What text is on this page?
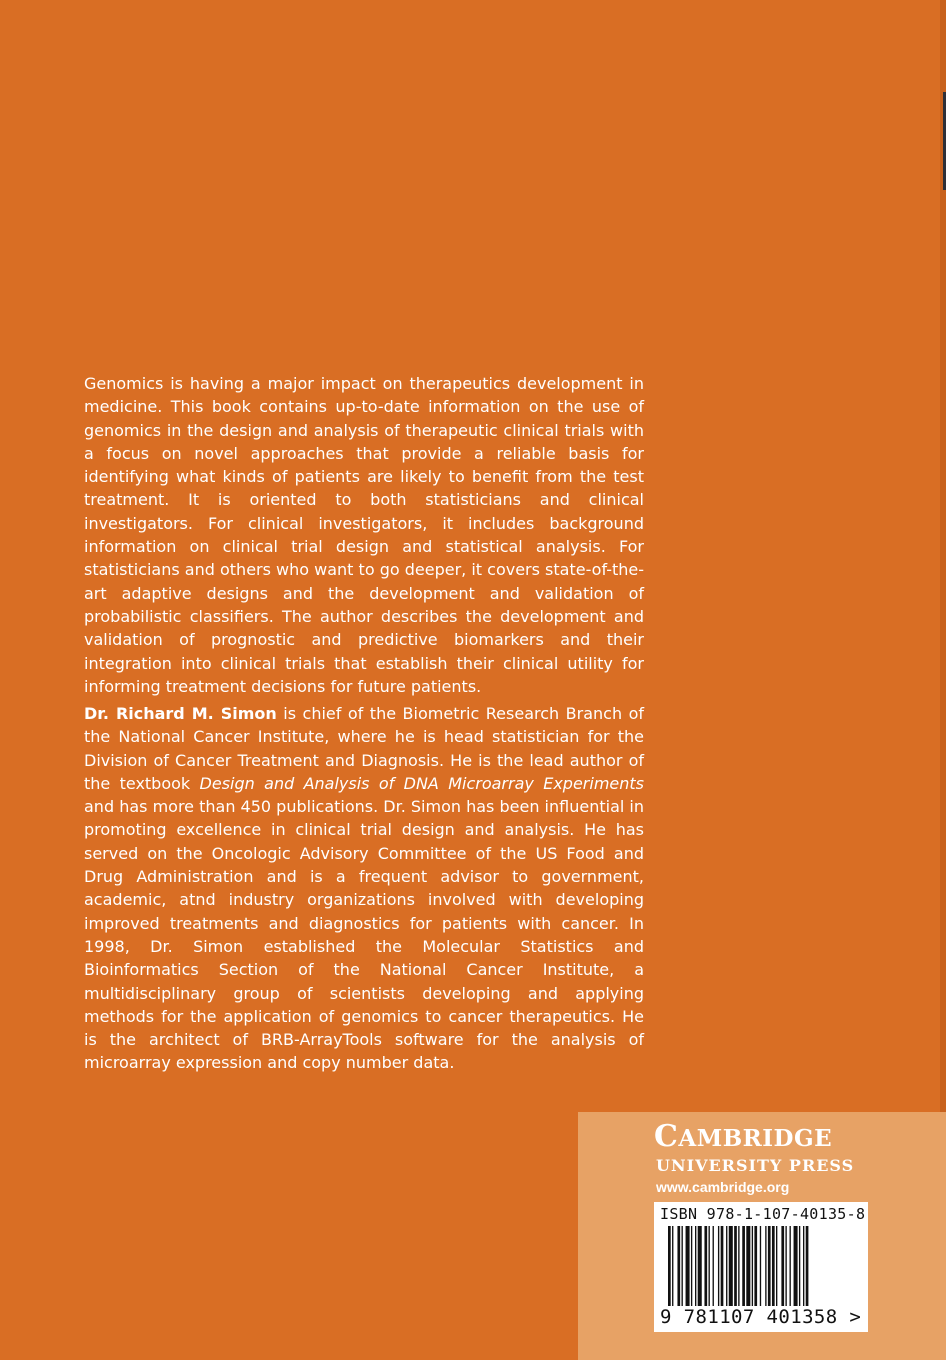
Genomics is having a major impact on therapeutics development in medicine. This book contains up-to-date information on the use of genomics in the design and analysis of therapeutic clinical trials with a focus on novel approaches that provide a reliable basis for identifying what kinds of patients are likely to benefit from the test treatment. It is oriented to both statisticians and clinical investigators. For clinical investigators, it includes background information on clinical trial design and statistical analysis. For statisticians and others who want to go deeper, it covers state-of-the-art adaptive designs and the development and validation of probabilistic classifiers. The author describes the development and validation of prognostic and predictive biomarkers and their integration into clinical trials that establish their clinical utility for informing treatment decisions for future patients.
Dr. Richard M. Simon is chief of the Biometric Research Branch of the National Cancer Institute, where he is head statistician for the Division of Cancer Treatment and Diagnosis. He is the lead author of the textbook Design and Analysis of DNA Microarray Experiments and has more than 450 publications. Dr. Simon has been influential in promoting excellence in clinical trial design and analysis. He has served on the Oncologic Advisory Committee of the US Food and Drug Administration and is a frequent advisor to government, academic, atnd industry organizations involved with developing improved treatments and diagnostics for patients with cancer. In 1998, Dr. Simon established the Molecular Statistics and Bioinformatics Section of the National Cancer Institute, a multidisciplinary group of scientists developing and applying methods for the application of genomics to cancer therapeutics. He is the architect of BRB-ArrayTools software for the analysis of microarray expression and copy number data.
CAMBRIDGE
UNIVERSITY PRESS
www.cambridge.org
ISBN 978-1-107-40135-8
9 781107 401358 >
